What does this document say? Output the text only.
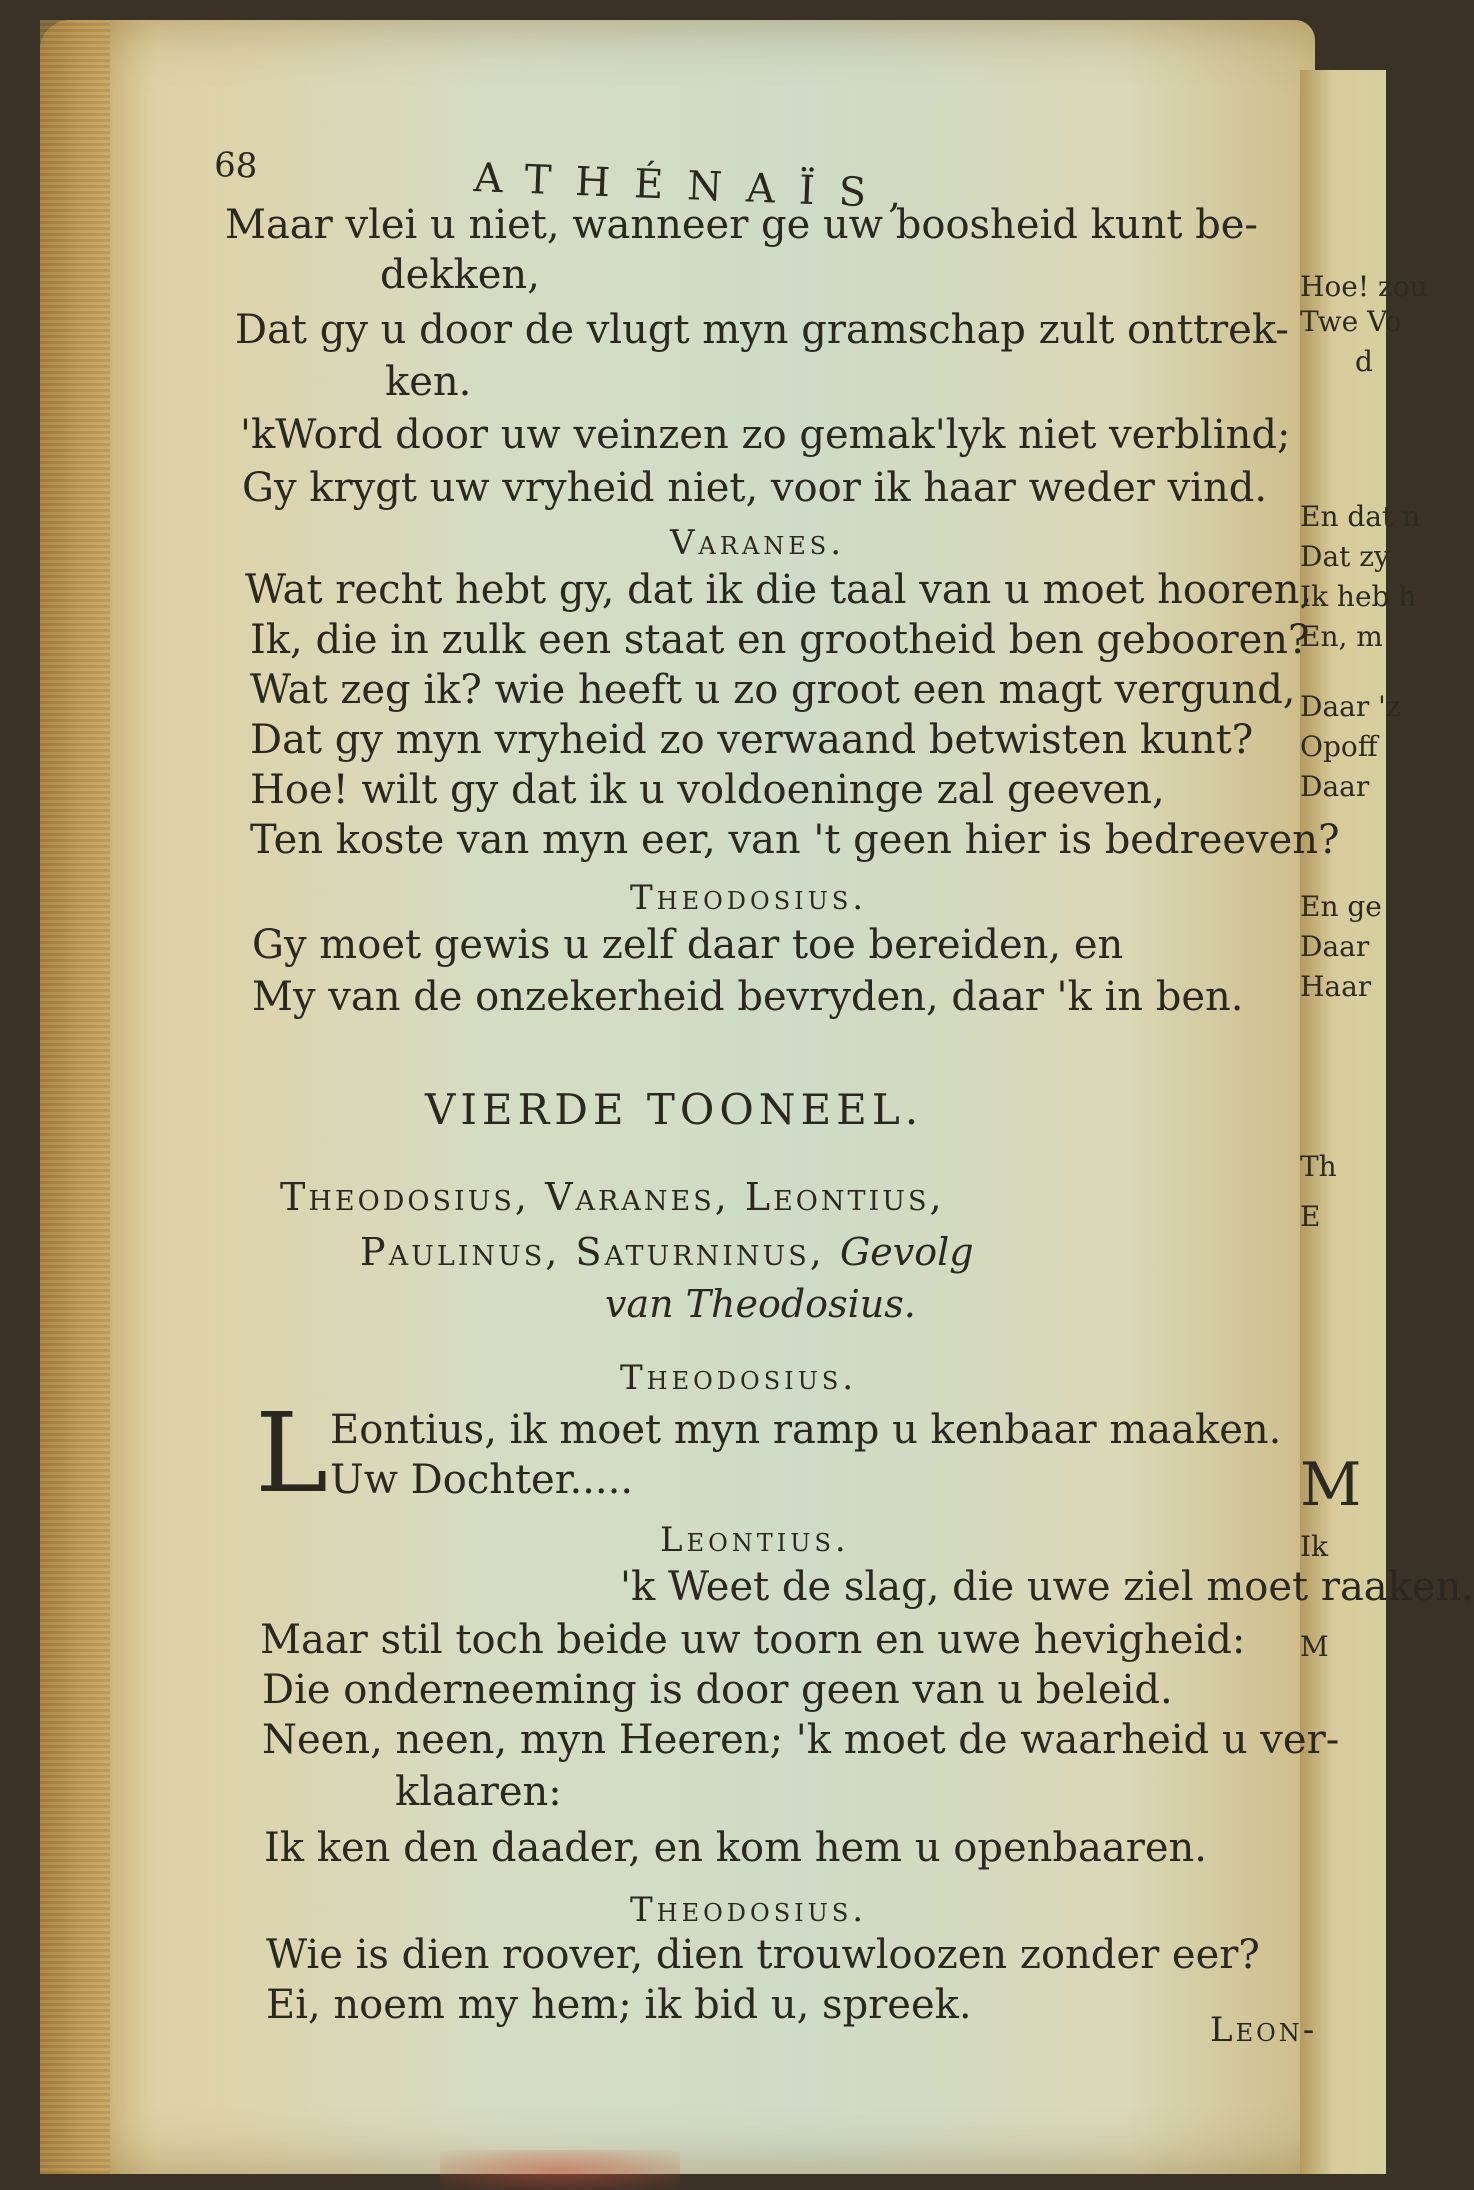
Hoe! zou
Twe Vo
d
En dat n
Dat zy
Ik heb h
En, m
Daar 'z
Opoff
Daar
En ge
Daar
Haar
Th
E
M
Ik
M
68	ATHÉNAÏS,
Maar vlei u niet, wanneer ge uw boosheid kunt be-
dekken,
Dat gy u door de vlugt myn gramschap zult onttrek-
ken.
'kWord door uw veinzen zo gemak'lyk niet verblind;
Gy krygt uw vryheid niet, voor ik haar weder vind.
Varanes.
Wat recht hebt gy, dat ik die taal van u moet hooren,
Ik, die in zulk een staat en grootheid ben gebooren?
Wat zeg ik? wie heeft u zo groot een magt vergund,
Dat gy myn vryheid zo verwaand betwisten kunt?
Hoe! wilt gy dat ik u voldoeninge zal geeven,
Ten koste van myn eer, van 't geen hier is bedreeven?
Theodosius.
Gy moet gewis u zelf daar toe bereiden, en
My van de onzekerheid bevryden, daar 'k in ben.
VIERDE TOONEEL.
Theodosius, Varanes, Leontius,
Paulinus, Saturninus, Gevolg
van Theodosius.
Theodosius.
L Eontius, ik moet myn ramp u kenbaar maaken.
Uw Dochter.....
Leontius.
'k Weet de slag, die uwe ziel moet raaken.
Maar stil toch beide uw toorn en uwe hevigheid:
Die onderneeming is door geen van u beleid.
Neen, neen, myn Heeren; 'k moet de waarheid u ver-
klaaren:
Ik ken den daader, en kom hem u openbaaren.
Theodosius.
Wie is dien roover, dien trouwloozen zonder eer?
Ei, noem my hem; ik bid u, spreek.
Leon-
